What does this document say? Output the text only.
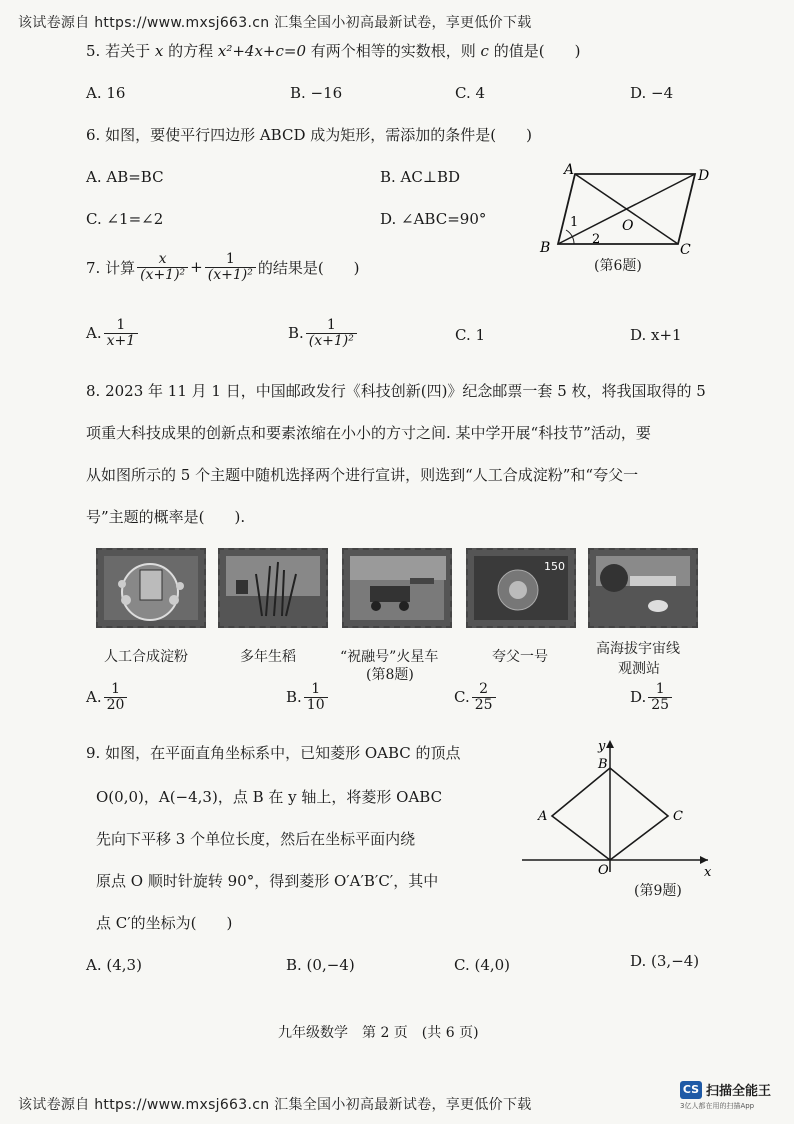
该试卷源自 https://www.mxsj663.cn 汇集全国小初高最新试卷，享更低价下载
5. 若关于 x 的方程 x²+4x+c=0 有两个相等的实数根，则 c 的值是(　　)
A. 16	B. −16	C. 4	D. −4
6. 如图，要使平行四边形 ABCD 成为矩形，需添加的条件是(　　)
A. AB=BC	B. AC⊥BD
C. ∠1=∠2	D. ∠ABC=90°
A	D
B	C
O
1
2
(第6题)
7. 计算 $\frac{x}{\text{(x+1)²}} + \frac{1}{\text{(x+1)²}}$ 的结果是(　　)
A. $\frac{1}{x+1}$	B. $\frac{1}{\text{(x+1)²}}$	C. 1	D. x+1
8. 2023 年 11 月 1 日，中国邮政发行《科技创新(四)》纪念邮票一套 5 枚，将我国取得的 5
项重大科技成果的创新点和要素浓缩在小小的方寸之间. 某中学开展“科技节”活动，要
从如图所示的 5 个主题中随机选择两个进行宣讲，则选到“人工合成淀粉”和“夸父一
号”主题的概率是(　　).
150
人工合成淀粉	多年生稻	“祝融号”火星车	夸父一号	高海拔宇宙线
观测站
(第8题)
A. $\frac{1}{20}$	B. $\frac{1}{10}$	C. $\frac{2}{25}$	D. $\frac{1}{25}$
9. 如图，在平面直角坐标系中，已知菱形 OABC 的顶点
O(0,0)，A(−4,3)，点 B 在 y 轴上，将菱形 OABC
先向下平移 3 个单位长度，然后在坐标平面内绕
原点 O 顺时针旋转 90°，得到菱形 O′A′B′C′，其中
点 C′的坐标为(　　)
x
y
O
A
B
C
(第9题)
A. (4,3)	B. (0,−4)	C. (4,0)	D. (3,−4)
九年级数学　第 2 页　(共 6 页)
该试卷源自 https://www.mxsj663.cn 汇集全国小初高最新试卷，享更低价下载
CS 扫描全能王
3亿人都在用的扫描App
